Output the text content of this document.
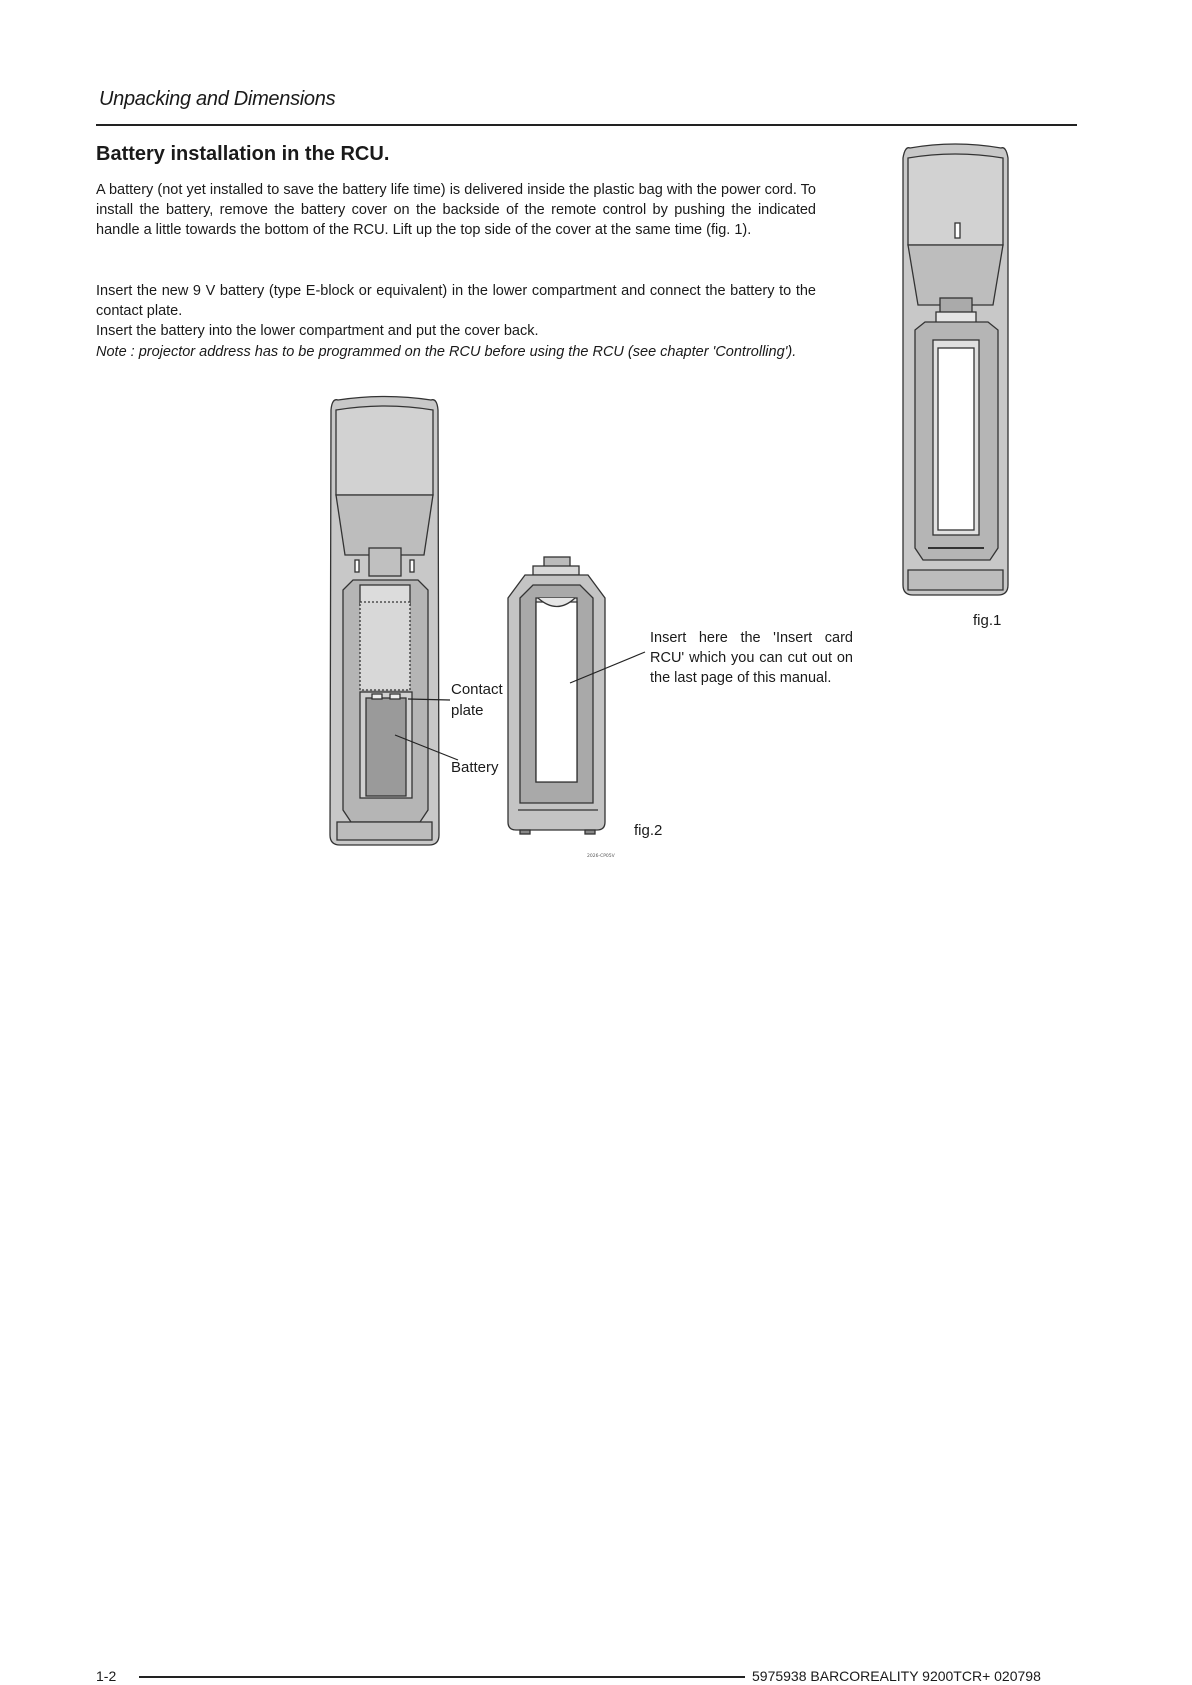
Unpacking and Dimensions
Battery installation in the RCU.
A battery (not yet installed to save the battery life time) is delivered inside the plastic bag with the power cord. To install the battery, remove the battery cover on the backside of the remote control by pushing the indicated handle a little towards the bottom of the RCU. Lift up the top side of the cover at the same time (fig. 1).
Insert the new 9 V battery (type E-block or equivalent) in the lower compartment and connect the battery to the contact plate.
Insert the battery into the lower compartment and put the cover back.
Note : projector address has to be programmed on the RCU before using the RCU (see chapter 'Controlling').
2026-CP05V
Contact
plate
Battery
Insert here the 'Insert card RCU' which you can cut out on the last page of this manual.
fig.1
fig.2
1-2	5975938 BARCOREALITY 9200TCR+ 020798
